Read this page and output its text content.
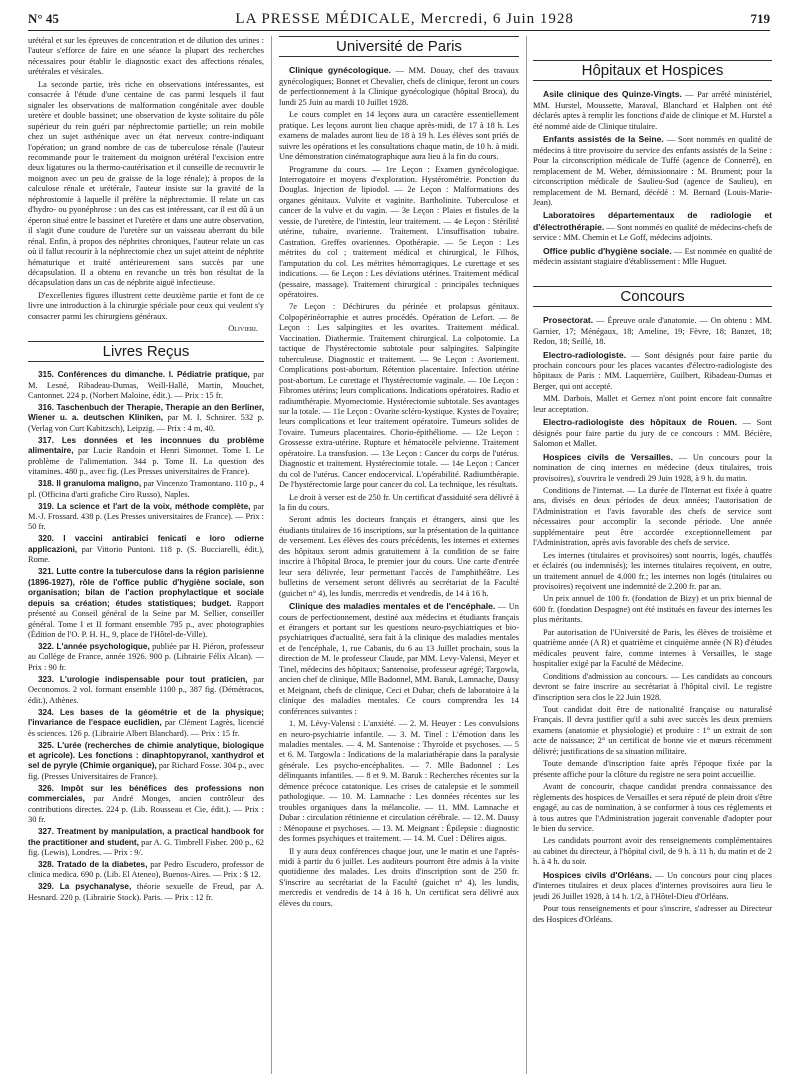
N° 45	LA PRESSE MÉDICALE, Mercredi, 6 Juin 1928	719

urétéral et sur les épreuves de concentration et de dilution des urines : l'auteur s'efforce de faire en une séance la plupart des recherches nécessaires pour établir le diagnostic exact des affections rénales, urétérales et vésicales.

La seconde partie, très riche en observations intéressantes, est consacrée à l'étude d'une centaine de cas parmi lesquels il faut signaler les observations de malformation congénitale avec double uretère et double bassinet; une observation de kyste solitaire du pôle supérieur du rein guéri par néphrectomie partielle; un rein mobile chez un sujet asthénique avec un état nerveux contre-indiquant l'opération; un grand nombre de cas de tuberculose rénale (l'auteur recommande pour le traitement du moignon urétéral l'excision entre deux ligatures ou la thermo-cautérisation et il conseille de recouvrir le moignon avec un peu de graisse de la loge rénale); à propos de la calculose rénale et urétérale, l'auteur insiste sur la gravité de la néphrostomie à laquelle il préfère la néphrectomie. Il relate un cas d'hydro- ou pyonéphrose : un des cas est intéressant, car il est dû à un éperon situé entre le bassinet et l'uretère et dans une autre observation, il s'agit d'une coudure de l'uretère sur un vaisseau aberrant du bile rénal. Enfin, à propos des néphrites chroniques, l'auteur relate un cas où il fallut recourir à la néphrectomie chez un sujet atteint de néphrite hématurique et traité antérieurement sans succès par une décapsulation. Il a obtenu en revanche un très bon résultat de la décapsulation dans un cas de néphrite aiguë infectieuse.

D'excellentes figures illustrent cette deuxième partie et font de ce livre une introduction à la chirurgie spéciale pour ceux qui veulent s'y consacrer parmi les chirurgiens généraux.

Olivieri.
Livres Reçus
315. Conférences du dimanche. I. Pédiatrie pratique, par M. Lesné, Ribadeau-Dumas, Weill-Hallé, Martin, Mouchet, Cantonnet. 224 p. (Norbert Maloine, édit.). — Prix : 15 fr.
316. Taschenbuch der Therapie, Therapie an den Berliner, Wiener u. a. deutschen Kliniken, par M. I. Schnirer. 532 p. (Verlag von Curt Kabitzsch), Leipzig. — Prix : 4 m, 40.
317. Les données et les inconnues du problème alimentaire, par Lucie Randoin et Henri Simonnet. Tome I. Le problème de l'alimentation. 344 p. Tome II. La question des vitamines. 480 p., avec fig. (Les Presses universitaires de France).
318. Il granuloma maligno, par Vincenzo Tramontano. 110 p., 4 pl. (Officina d'arti grafiche Ciro Russo), Naples.
319. La science et l'art de la voix, méthode complète, par M.-J. Frossard. 438 p. (Les Presses universitaires de France). — Prix : 50 fr.
320. I vaccini antirabici fenicati e loro odierne applicazioni, par Vittorio Puntoni. 118 p. (S. Bucciarelli, édit.), Rome.
321. Lutte contre la tuberculose dans la région parisienne (1896-1927), rôle de l'office public d'hygiène sociale, son organisation; bilan de l'action prophylactique et sociale depuis sa création; études statistiques; budget. Rapport présenté au Conseil général de la Seine par M. Sellier, conseiller général. Tome I et II formant ensemble 795 p., avec photographies (Édition de l'O. P. H. H., 9, place de l'Hôtel-de-Ville).
322. L'année psychologique, publiée par H. Piéron, professeur au Collège de France, année 1926. 900 p. (Librairie Félix Alcan). — Prix : 90 fr.
323. L'urologie indispensable pour tout praticien, par Oeconomos. 2 vol. formant ensemble 1100 p., 387 fig. (Démétracos, édit.), Athènes.
324. Les bases de la géométrie et de la physique; l'invariance de l'espace euclidien, par Clément Lagrès, licencié ès sciences. 126 p. (Librairie Albert Blanchard). — Prix : 15 fr.
325. L'urée (recherches de chimie analytique, biologique et agricole). Les fonctions : dinaphtopyranol, xanthydrol et sel de pyryle (Chimie organique), par Richard Fosse. 304 p., avec fig. (Presses Universitaires de France).
326. Impôt sur les bénéfices des professions non commerciales, par André Monges, ancien contrôleur des contributions directes. 224 p. (Lib. Rousseau et Cie, édit.). — Prix : 30 fr.
327. Treatment by manipulation, a practical handbook for the practitioner and student, par A. G. Timbrell Fisher. 200 p., 62 fig. (Lewis), Londres. — Prix : 9/.
328. Tratado de la diabetes, par Pedro Escudero, professor de clinica medica. 690 p. (Lib. El Ateneo), Buenos-Aires. — Prix : $ 12.
329. La psychanalyse, théorie sexuelle de Freud, par A. Hesnard. 220 p. (Librairie Stock). Paris. — Prix : 12 fr.
Université de Paris

Clinique gynécologique. — MM. Douay, chef des travaux gynécologiques; Bonnet et Chevalier, chefs de clinique, feront un cours de perfectionnement à la Clinique gynécologique (hôpital Broca), du lundi 25 Juin au mardi 10 Juillet 1928.

Le cours complet en 14 leçons aura un caractère essentiellement pratique. Les leçons auront lieu chaque après-midi, de 17 à 18 h. Les examens de malades auront lieu de 18 à 19 h. Les élèves sont priés de suivre les opérations et les consultations chaque matin, de 10 h. à midi. Une démonstration cinématographique aura lieu à la fin du cours.

Programme du cours. — 1re Leçon : Examen gynécologique. Interrogatoire et moyens d'exploration. Hystérométrie. Ponction du Douglas. Injection de lipiodol. — 2e Leçon : Malformations des organes génitaux. Vulvite et vaginite. Bartholinite. Tuberculose et cancer de la vulve et du vagin. — 3e Leçon : Plaies et fistules de la vessie, de l'uretère, de l'intestin, leur traitement. — 4e Leçon : Stérilité utérine, tubaire, ovarienne. Traitement. L'insuffisation tubaire. Castration. Greffes ovariennes. Opothérapie. — 5e Leçon : Les métrites du col ; traitement médical et chirurgical, le Filhos, l'amputation du col. Les métrites hémorragiques. Le curettage et ses indications. — 6e Leçon : Les déviations utérines. Traitement médical (pessaire, massage). Traitement chirurgical : principales techniques opératoires.

7e Leçon : Déchirures du périnée et prolapsus génitaux. Colpopérinéorraphie et autres procédés. Opération de Lefort. — 8e Leçon : Les salpingites et les ovarites. Traitement médical. Vaccination. Diathermie. Traitement chirurgical. La colpotomie. La tactique de l'hystérectomie subtotale pour salpingites. Salpingite tuberculeuse. Diagnostic et traitement. — 9e Leçon : Avortement. Complications post-abortum. Rétention placentaire. Infection utérine post-abortum. Le curettage et l'hystérectomie vaginale. — 10e Leçon : Fibromes utérins; leurs complications. Indications opératoires. Radio et radiumthérapie. Myomectomie. Hystérectomie subtotale. Ses avantages sur la totale. — 11e Leçon : Ovarite scléro-kystique. Kystes de l'ovaire; leurs complications et leur traitement opératoire. Tumeurs solides de l'ovaire. Tumeurs placentaires. Chorio-épithéliome. — 12e Leçon : Grossesse extra-utérine. Rupture et hématocèle pelvienne. Traitement opératoire. La transfusion. — 13e Leçon : Cancer du corps de l'utérus. Diagnostic et traitement. Hystérectomie totale. — 14e Leçon : Cancer du col de l'utérus. Cancer endocervical. L'opérabilité. Radiumthérapie. De l'hystérectomie large pour cancer du col. La technique, les résultats.

Le droit à verser est de 250 fr. Un certificat d'assiduité sera délivré à la fin du cours.

Seront admis les docteurs français et étrangers, ainsi que les étudiants titulaires de 16 inscriptions, sur la présentation de la quittance de versement. Les élèves des cours précédents, les internes et externes des hôpitaux seront admis gratuitement à la condition de se faire inscrire à l'hôpital Broca, le premier jour du cours. Une carte d'entrée leur sera délivrée, leur permettant l'accès de l'amphithéâtre. Les bulletins de versement seront délivrés au secrétariat de la Faculté (guichet n° 4), les lundis, mercredis et vendredis, de 14 à 16 h.

Clinique des maladies mentales et de l'encéphale. — Un cours de perfectionnement, destiné aux médecins et étudiants français et étrangers et portant sur les questions neuro-psychiatriques et bio-psychiatriques d'actualité, sera fait à la clinique des maladies mentales et de l'encéphale, 1, rue Cabanis, du 6 au 13 Juillet prochain, sous la direction de M. le professeur Claude, par MM. Levy-Valensi, Meyer et Tinel, médecins des hôpitaux; Santenoise, professeur agrégé; Targowla, ancien chef de clinique, Mlle Badonnel, MM. Baruk, Lamnache, Dausy et Meignant, chefs de clinique, Ceci et Dubar, chefs de laboratoire à la clinique des maladies mentales. Ce cours comprendra les 14 conférences suivantes :

1. M. Lévy-Valensi : L'anxiété. — 2. M. Heuyer : Les convulsions en neuro-psychiatrie infantile. — 3. M. Tinel : L'émotion dans les maladies mentales. — 4. M. Santenoise : Thyroïde et psychoses. — 5 et 6. M. Targowla : Indications de la malariathérapie dans la paralysie générale. Les psycho-encéphalites. — 7. Mlle Badonnel : Les délinquants infantiles. — 8 et 9. M. Baruk : Recherches récentes sur la démence précoce catatonique. Les crises de catalepsie et le sommeil pathologique. — 10. M. Lamnache : Les données récentes sur les troubles organiques dans la mélancolie. — 11. MM. Lamnache et Dubar : circulation rétinienne et circulation cérébrale. — 12. M. Dausy : Ménopause et psychoses. — 13. M. Meignant : Épilepsie : diagnostic des formes psychiques et traitement. — 14. M. Cuel : Délires aigus.

Il y aura deux conférences chaque jour, une le matin et une l'après-midi à partir du 6 juillet. Les auditeurs pourront être admis à la visite quotidienne des malades. Les droits d'inscription sont de 250 fr. S'inscrire au secrétariat de la Faculté (guichet n° 4), les lundis, mercredis et vendredis de 14 à 16 h. Un certificat sera délivré aux élèves du cours.

Hôpitaux et Hospices

Asile clinique des Quinze-Vingts. — Par arrêté ministériel, MM. Hurstel, Moussette, Maraval, Blanchard et Halphen ont été déclarés aptes à remplir les fonctions d'aide de clinique et M. Hurstel a été nommé aide de Clinique titulaire.

Enfants assistés de la Seine. — Sont nommés en qualité de médecins à titre provisoire du service des enfants assistés de la Seine : Pour la circonscription médicale de Tuffé (agence de Connerré), en remplacement de M. Weber, démissionnaire : M. Brument; pour la circonscription médicale de Saulieu-Sud (agence de Saulieu), en remplacement de M. Bernard, décédé : M. Bernard (Louis-Marie-Jean).

Laboratoires départementaux de radiologie et d'électrothérapie. — Sont nommés en qualité de médecins-chefs de service : MM. Chemin et Le Goff, médecins adjoints.

Office public d'hygiène sociale. — Est nommée en qualité de médecin assistant stagiaire d'établissement : Mlle Huguet.

Concours

Prosectorat. — Épreuve orale d'anatomie. — On obtenu : MM. Garnier, 17; Ménégaux, 18; Ameline, 19; Fèvre, 18; Banzet, 18; Redon, 18; Seillé, 18.

Electro-radiologiste. — Sont désignés pour faire partie du prochain concours pour les places vacantes d'électro-radiologiste des hôpitaux de Paris : MM. Laquerrière, Guilbert, Ribadeau-Dumas et Berger, qui ont accepté.

MM. Darbois, Mallet et Gernez n'ont point encore fait connaître leur acceptation.

Electro-radiologiste des hôpitaux de Rouen. — Sont désignés pour faire partie du jury de ce concours : MM. Bécière, Salomon et Mallet.

Hospices civils de Versailles. — Un concours pour la nomination de cinq internes en médecine (deux titulaires, trois provisoires), s'ouvrira le vendredi 29 Juin 1928, à 9 h. du matin.

Conditions de l'internat. — La durée de l'Internat est fixée à quatre ans, divisés en deux périodes de deux années; l'autorisation de l'Administration et l'avis favorable des chefs de service sont nécessaires pour accomplir la seconde période. Une année supplémentaire peut être accordée exceptionnellement par l'Administration, après avis favorable des chefs de service.

Les internes (titulaires et provisoires) sont nourris, logés, chauffés et éclairés (ou indemnisés); les internes titulaires reçoivent, en outre, un traitement annuel de 4.000 fr.; les internes non logés (titulaires ou provisoires) reçoivent une indemnité de 2.200 fr. par an.

Un prix annuel de 100 fr. (fondation de Bizy) et un prix biennal de 600 fr. (fondation Despagne) ont été institués en faveur des internes les plus méritants.

Par autorisation de l'Université de Paris, les élèves de troisième et quatrième année (A R) et quatrième et cinquième année (N R) d'études médicales peuvent faire, comme internes à Versailles, le stage hospitalier exigé par la Faculté de Médecine.

Conditions d'admission au concours. — Les candidats au concours devront se faire inscrire au secrétariat à l'hôpital civil. Le registre d'inscription sera clos le 22 Juin 1928.

Tout candidat doit être de nationalité française ou naturalisé Français. Il devra justifier qu'il a subi avec succès les deux premiers examens (anatomie et physiologie) et produire : 1° un extrait de son acte de naissance; 2° un certificat de bonne vie et mœurs récemment délivré; justifications de sa situation militaire.

Toute demande d'inscription faite après l'époque fixée par la présente affiche pour la clôture du registre ne sera point accueillie.

Avant de concourir, chaque candidat prendra connaissance des règlements des hospices de Versailles et sera réputé de plein droit s'être engagé, au cas de nomination, à se conformer à tous ces règlements et à tous autres que l'Administration jugerait convenable d'adopter pour le bien du service.

Les candidats pourront avoir des renseignements complémentaires au cabinet du directeur, à l'hôpital civil, de 9 h. à 11 h. du matin et de 2 h. à 4 h. du soir.

Hospices civils d'Orléans. — Un concours pour cinq places d'internes titulaires et deux places d'internes provisoires aura lieu le jeudi 26 Juillet 1928, à 14 h. 1/2, à l'Hôtel-Dieu d'Orléans.

Pour tous renseignements et pour s'inscrire, s'adresser au Directeur des Hospices d'Orléans.
